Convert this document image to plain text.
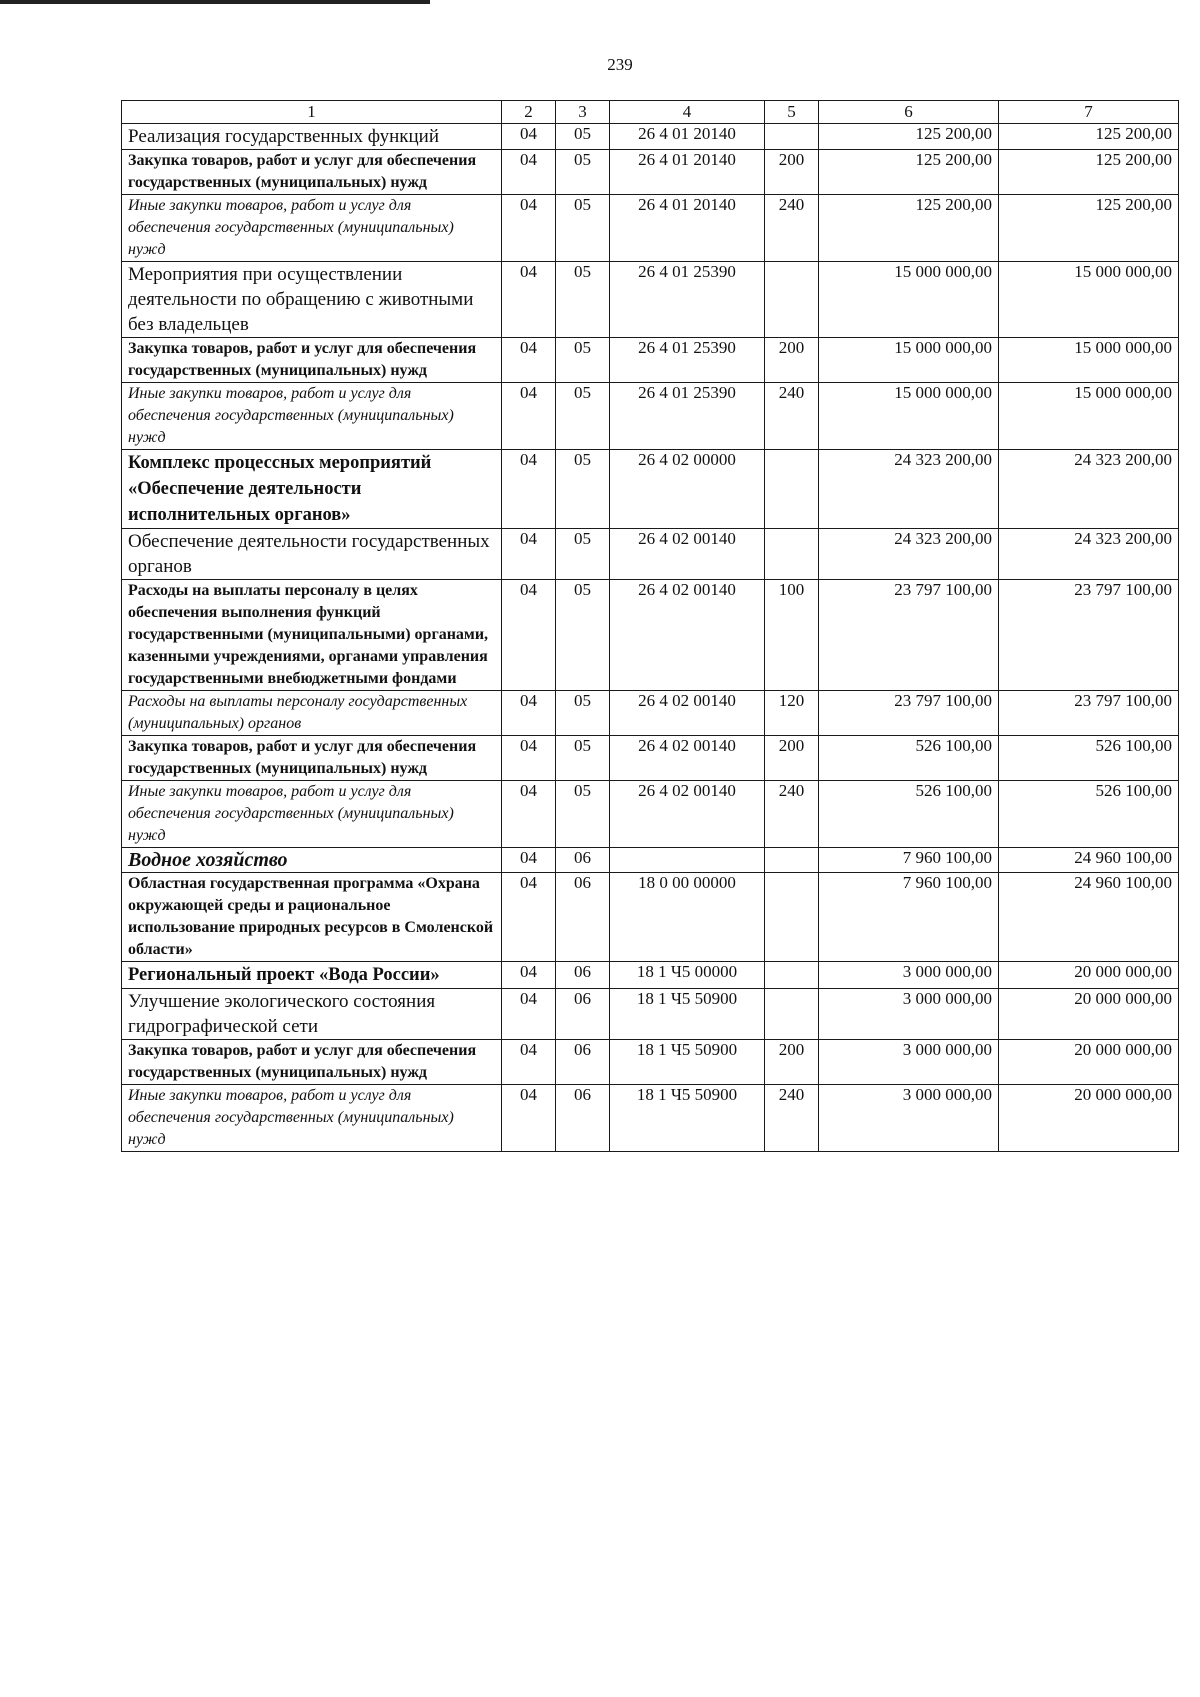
239
1	2	3	4	5	6	7

Реализация государственных функций	04	05	26 4 01 20140		125 200,00	125 200,00

Закупка товаров, работ и услуг для обеспечения государственных (муниципальных) нужд	04	05	26 4 01 20140	200	125 200,00	125 200,00

Иные закупки товаров, работ и услуг для обеспечения государственных (муниципальных) нужд	04	05	26 4 01 20140	240	125 200,00	125 200,00

Мероприятия при осуществлении деятельности по обращению с животными без владельцев	04	05	26 4 01 25390		15 000 000,00	15 000 000,00

Закупка товаров, работ и услуг для обеспечения государственных (муниципальных) нужд	04	05	26 4 01 25390	200	15 000 000,00	15 000 000,00

Иные закупки товаров, работ и услуг для обеспечения государственных (муниципальных) нужд	04	05	26 4 01 25390	240	15 000 000,00	15 000 000,00

Комплекс процессных мероприятий «Обеспечение деятельности исполнительных органов»	04	05	26 4 02 00000		24 323 200,00	24 323 200,00

Обеспечение деятельности государственных органов	04	05	26 4 02 00140		24 323 200,00	24 323 200,00

Расходы на выплаты персоналу в целях обеспечения выполнения функций государственными (муниципальными) органами, казенными учреждениями, органами управления государственными внебюджетными фондами	04	05	26 4 02 00140	100	23 797 100,00	23 797 100,00

Расходы на выплаты персоналу государственных (муниципальных) органов	04	05	26 4 02 00140	120	23 797 100,00	23 797 100,00

Закупка товаров, работ и услуг для обеспечения государственных (муниципальных) нужд	04	05	26 4 02 00140	200	526 100,00	526 100,00

Иные закупки товаров, работ и услуг для обеспечения государственных (муниципальных) нужд	04	05	26 4 02 00140	240	526 100,00	526 100,00

Водное хозяйство	04	06			7 960 100,00	24 960 100,00

Областная государственная программа «Охрана окружающей среды и рациональное использование природных ресурсов в Смоленской области»	04	06	18 0 00 00000		7 960 100,00	24 960 100,00

Региональный проект «Вода России»	04	06	18 1 Ч5 00000		3 000 000,00	20 000 000,00

Улучшение экологического состояния гидрографической сети	04	06	18 1 Ч5 50900		3 000 000,00	20 000 000,00

Закупка товаров, работ и услуг для обеспечения государственных (муниципальных) нужд	04	06	18 1 Ч5 50900	200	3 000 000,00	20 000 000,00

Иные закупки товаров, работ и услуг для обеспечения государственных (муниципальных) нужд	04	06	18 1 Ч5 50900	240	3 000 000,00	20 000 000,00
